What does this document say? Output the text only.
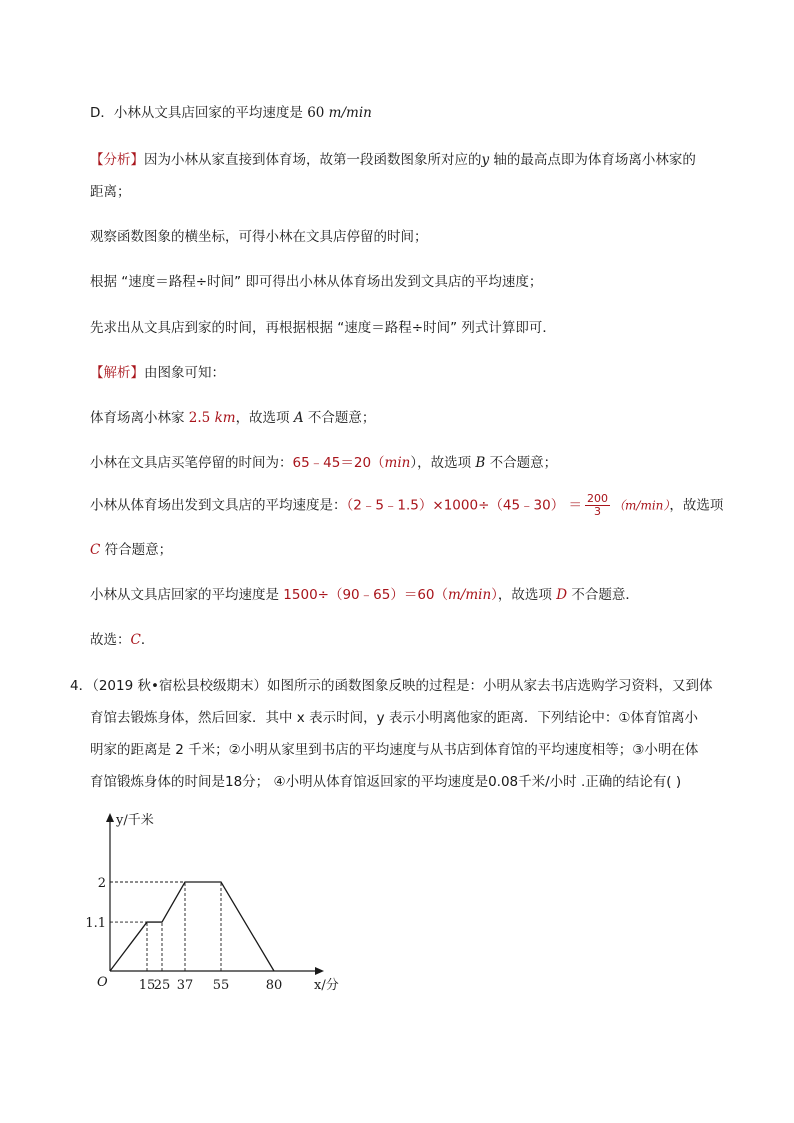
D．小林从文具店回家的平均速度是 60 m/min
【分析】因为小林从家直接到体育场，故第一段函数图象所对应的y 轴的最高点即为体育场离小林家的
距离；
观察函数图象的横坐标，可得小林在文具店停留的时间；
根据 “速度＝路程÷时间” 即可得出小林从体育场出发到文具店的平均速度；
先求出从文具店到家的时间，再根据根据 “速度＝路程÷时间” 列式计算即可．
【解析】由图象可知：
体育场离小林家 2.5 km，故选项 A 不合题意；
小林在文具店买笔停留的时间为：65﹣45＝20（min），故选项 B 不合题意；
小林从体育场出发到文具店的平均速度是：（2﹣5﹣1.5）×1000÷（45﹣30） ＝ $\frac{200}{3} (m/\min)$，故选项
C 符合题意；
小林从文具店回家的平均速度是 1500÷（90﹣65）＝60（m/min），故选项 D 不合题意．
故选：C．
4．（2019 秋•宿松县校级期末）如图所示的函数图象反映的过程是：小明从家去书店选购学习资料，又到体
育馆去锻炼身体，然后回家．其中 x 表示时间，y 表示小明离他家的距离．下列结论中：①体育馆离小
明家的距离是 2 千米；②小明从家里到书店的平均速度与从书店到体育馆的平均速度相等；③小明在体
育馆锻炼身体的时间是18分； ④小明从体育馆返回家的平均速度是0.08千米/小时 .正确的结论有( )
y/千米
x/分
O 15
25 37 55	80
2
1.1
